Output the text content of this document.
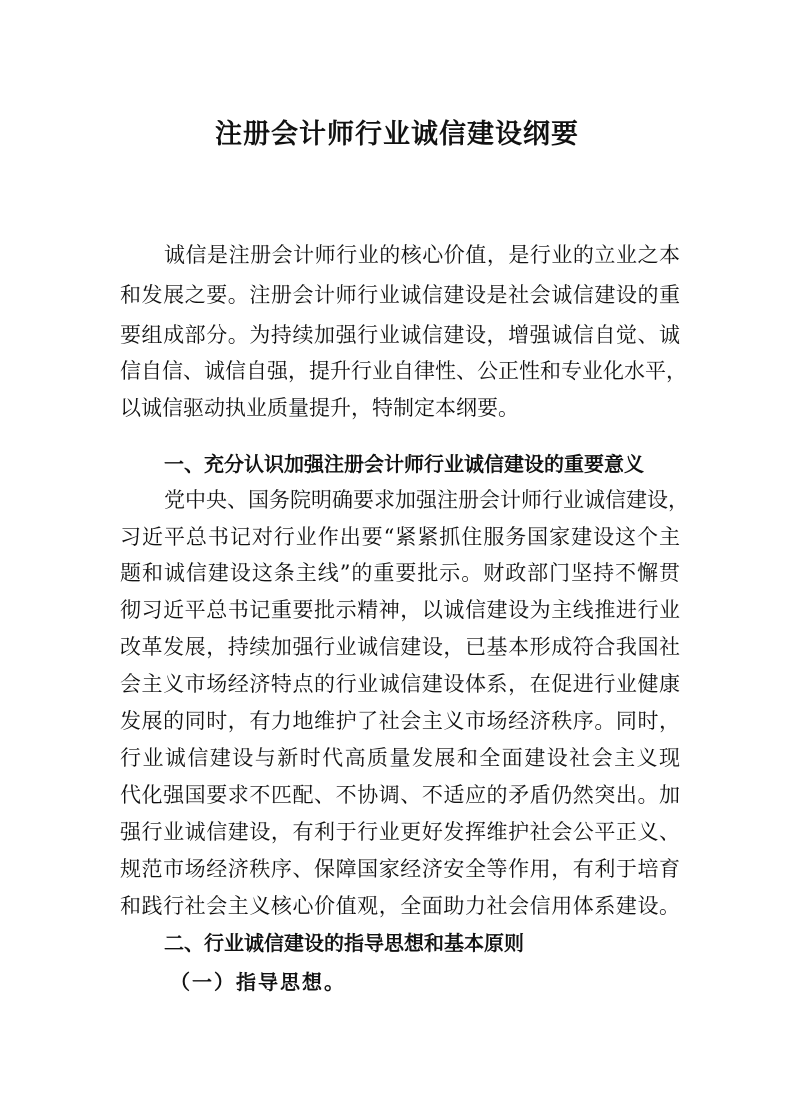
注册会计师行业诚信建设纲要
诚信是注册会计师行业的核心价值，是行业的立业之本
和发展之要。注册会计师行业诚信建设是社会诚信建设的重
要组成部分。为持续加强行业诚信建设，增强诚信自觉、诚
信自信、诚信自强，提升行业自律性、公正性和专业化水平，
以诚信驱动执业质量提升，特制定本纲要。
一、充分认识加强注册会计师行业诚信建设的重要意义
党中央、国务院明确要求加强注册会计师行业诚信建设，
习近平总书记对行业作出要“紧紧抓住服务国家建设这个主
题和诚信建设这条主线”的重要批示。财政部门坚持不懈贯
彻习近平总书记重要批示精神，以诚信建设为主线推进行业
改革发展，持续加强行业诚信建设，已基本形成符合我国社
会主义市场经济特点的行业诚信建设体系，在促进行业健康
发展的同时，有力地维护了社会主义市场经济秩序。同时，
行业诚信建设与新时代高质量发展和全面建设社会主义现
代化强国要求不匹配、不协调、不适应的矛盾仍然突出。加
强行业诚信建设，有利于行业更好发挥维护社会公平正义、
规范市场经济秩序、保障国家经济安全等作用，有利于培育
和践行社会主义核心价值观，全面助力社会信用体系建设。
二、行业诚信建设的指导思想和基本原则
（一）指导思想。
